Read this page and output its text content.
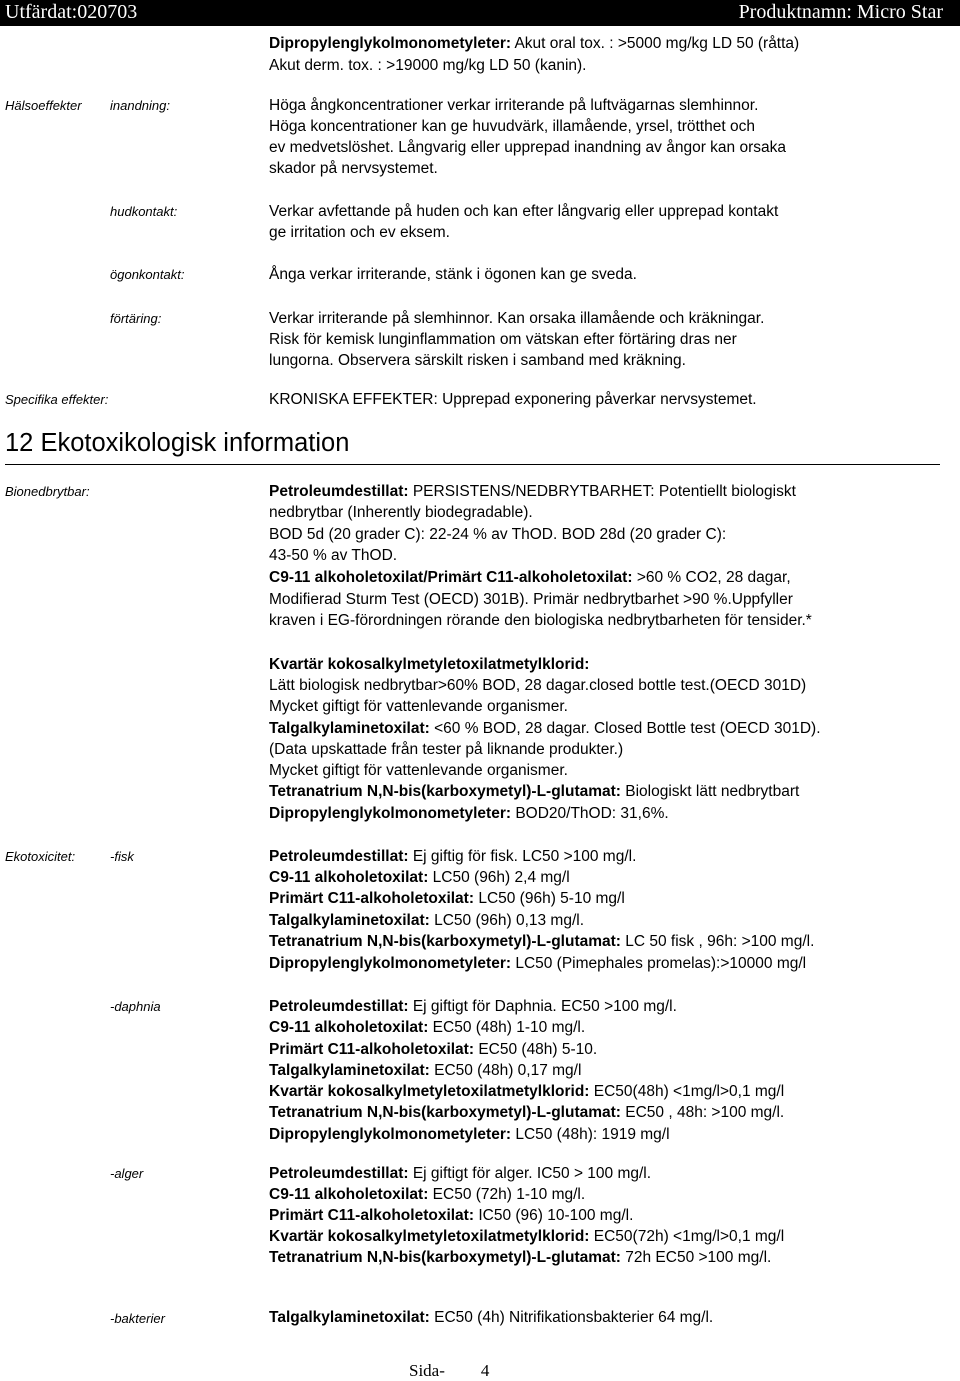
Utfärdat:020703	Produktnamn: Micro Star
Dipropylenglykolmonometyleter: Akut oral tox. : >5000 mg/kg LD 50 (råtta)
Akut derm. tox. : >19000 mg/kg LD 50 (kanin).
Hälsoeffekter inandning:	Höga ångkoncentrationer verkar irriterande på luftvägarnas slemhinnor.
Höga koncentrationer kan ge huvudvärk, illamående, yrsel, trötthet och
ev medvetslöshet. Långvarig eller upprepad inandning av ångor kan orsaka
skador på nervsystemet.
hudkontakt:	Verkar avfettande på huden och kan efter långvarig eller upprepad kontakt
ge irritation och ev eksem.
ögonkontakt:	Ånga verkar irriterande, stänk i ögonen kan ge sveda.
förtäring:	Verkar irriterande på slemhinnor. Kan orsaka illamående och kräkningar.
Risk för kemisk lunginflammation om vätskan efter förtäring dras ner
lungorna. Observera särskilt risken i samband med kräkning.
Specifika effekter:	KRONISKA EFFEKTER: Upprepad exponering påverkar nervsystemet.
12 Ekotoxikologisk information
Bionedbrytbar:	Petroleumdestillat: PERSISTENS/NEDBRYTBARHET: Potentiellt biologiskt
nedbrytbar (Inherently biodegradable).
BOD 5d (20 grader C): 22-24 % av ThOD. BOD 28d (20 grader C):
43-50 % av ThOD.
C9-11 alkoholetoxilat/Primärt C11-alkoholetoxilat: >60 % CO2, 28 dagar,
Modifierad Sturm Test (OECD) 301B). Primär nedbrytbarhet >90 %.Uppfyller
kraven i EG-förordningen rörande den biologiska nedbrytbarheten för tensider.*
Kvartär kokosalkylmetyletoxilatmetylklorid:
Lätt biologisk nedbrytbar>60% BOD, 28 dagar.closed bottle test.(OECD 301D)
Mycket giftigt för vattenlevande organismer.
Talgalkylaminetoxilat: <60 % BOD, 28 dagar. Closed Bottle test (OECD 301D).
(Data upskattade från tester på liknande produkter.)
Mycket giftigt för vattenlevande organismer.
Tetranatrium N,N-bis(karboxymetyl)-L-glutamat: Biologiskt lätt nedbrytbart
Dipropylenglykolmonometyleter: BOD20/ThOD: 31,6%.
Ekotoxicitet:	-fisk	Petroleumdestillat: Ej giftig för fisk. LC50 >100 mg/l.
C9-11 alkoholetoxilat: LC50 (96h) 2,4 mg/l
Primärt C11-alkoholetoxilat: LC50 (96h) 5-10 mg/l
Talgalkylaminetoxilat: LC50 (96h) 0,13 mg/l.
Tetranatrium N,N-bis(karboxymetyl)-L-glutamat: LC 50 fisk , 96h: >100 mg/l.
Dipropylenglykolmonometyleter: LC50 (Pimephales promelas):>10000 mg/l
-daphnia	Petroleumdestillat: Ej giftigt för Daphnia. EC50 >100 mg/l.
C9-11 alkoholetoxilat: EC50 (48h) 1-10 mg/l.
Primärt C11-alkoholetoxilat: EC50 (48h) 5-10.
Talgalkylaminetoxilat: EC50 (48h) 0,17 mg/l
Kvartär kokosalkylmetyletoxilatmetylklorid: EC50(48h) <1mg/l>0,1 mg/l
Tetranatrium N,N-bis(karboxymetyl)-L-glutamat: EC50 , 48h: >100 mg/l.
Dipropylenglykolmonometyleter: LC50 (48h): 1919 mg/l
-alger	Petroleumdestillat: Ej giftigt för alger. IC50 > 100 mg/l.
C9-11 alkoholetoxilat: EC50 (72h) 1-10 mg/l.
Primärt C11-alkoholetoxilat: IC50 (96) 10-100 mg/l.
Kvartär kokosalkylmetyletoxilatmetylklorid: EC50(72h) <1mg/l>0,1 mg/l
Tetranatrium N,N-bis(karboxymetyl)-L-glutamat: 72h EC50 >100 mg/l.
-bakterier	Talgalkylaminetoxilat: EC50 (4h) Nitrifikationsbakterier 64 mg/l.
Sida- 4
